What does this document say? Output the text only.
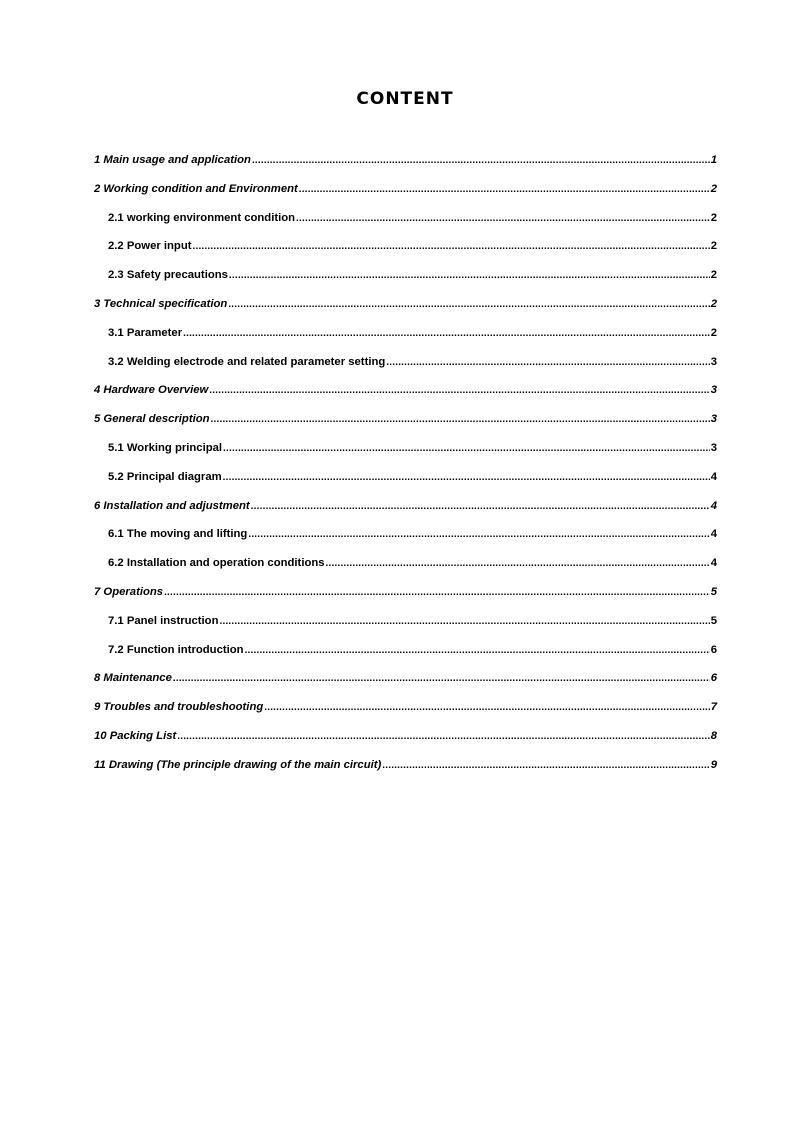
CONTENT
1 Main usage and application .....	1
2 Working condition and Environment .....	2
2.1 working environment condition .....	2
2.2 Power input .....	2
2.3 Safety precautions .....	2
3 Technical specification .....	2
3.1 Parameter .....	2
3.2 Welding electrode and related parameter setting .....	3
4 Hardware Overview .....	3
5 General description .....	3
5.1 Working principal .....	3
5.2 Principal diagram .....	4
6 Installation and adjustment .....	4
6.1 The moving and lifting .....	4
6.2 Installation and operation conditions .....	4
7 Operations .....	5
7.1 Panel instruction .....	5
7.2 Function introduction .....	6
8 Maintenance .....	6
9 Troubles and troubleshooting .....	7
10 Packing List .....	8
11 Drawing (The principle drawing of the main circuit) .....	9
